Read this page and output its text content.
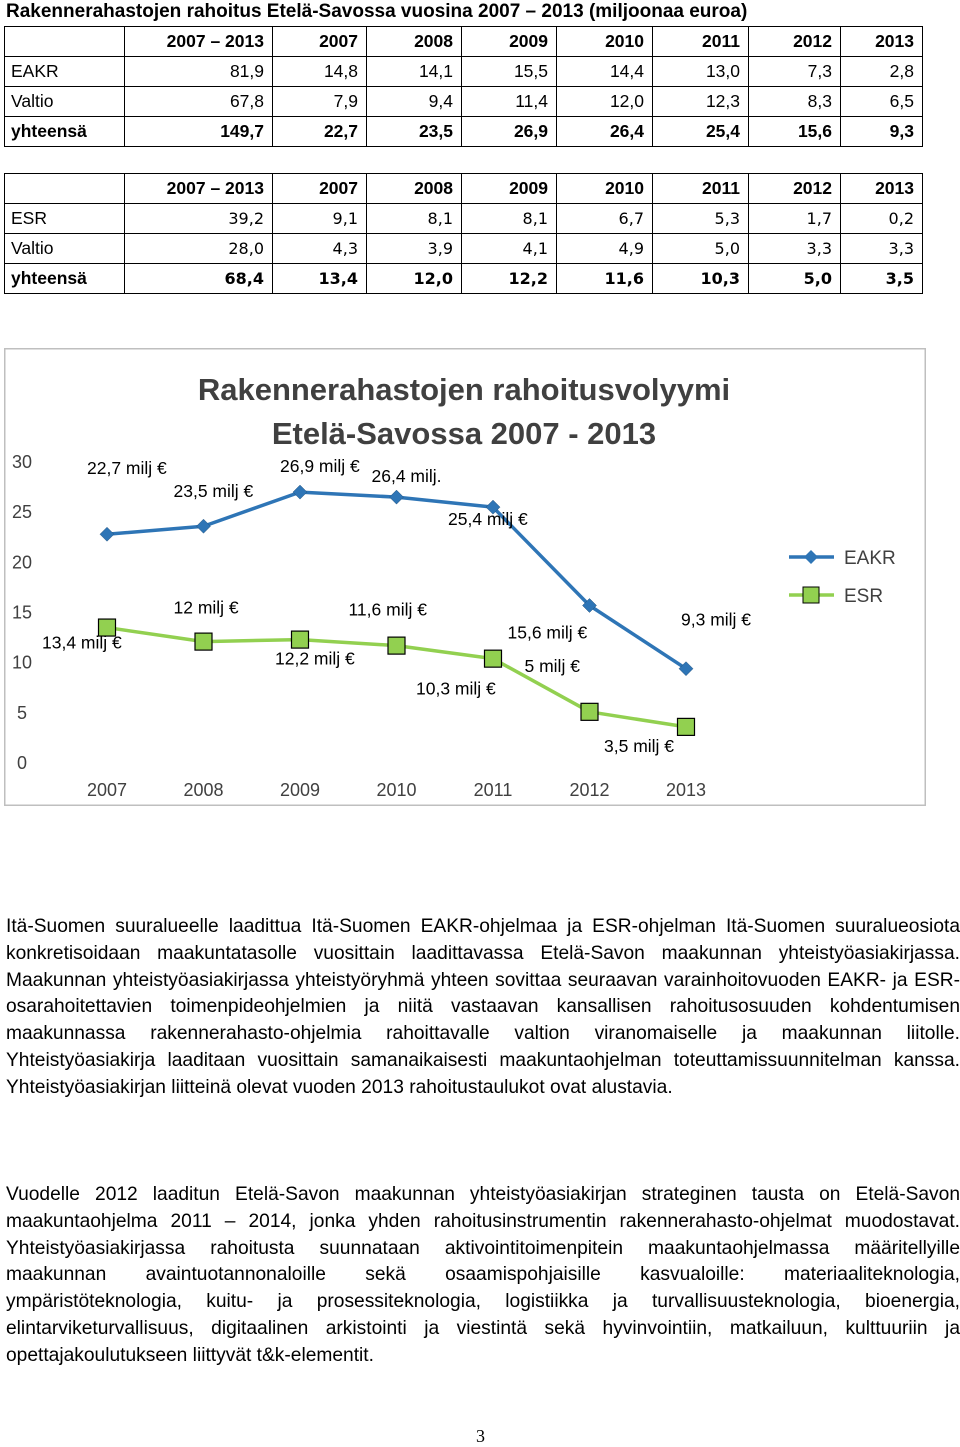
Rakennerahastojen rahoitus Etelä-Savossa vuosina 2007 – 2013 (miljoonaa euroa)
	2007 – 2013	2007	2008	2009	2010	2011	2012	2013
EAKR	81,9	14,8	14,1	15,5	14,4	13,0	7,3	2,8
Valtio	67,8	7,9	9,4	11,4	12,0	12,3	8,3	6,5
yhteensä	149,7	22,7	23,5	26,9	26,4	25,4	15,6	9,3
	2007 – 2013	2007	2008	2009	2010	2011	2012	2013
ESR	39,2	9,1	8,1	8,1	6,7	5,3	1,7	0,2
Valtio	28,0	4,3	3,9	4,1	4,9	5,0	3,3	3,3
yhteensä	68,4	13,4	12,0	12,2	11,6	10,3	5,0	3,5
Rakennerahastojen rahoitusvolyymi
Etelä-Savossa 2007 - 2013
0
5
10
15
20
25
30
2007	2008	2009	2010	2011	2012	2013
22,7 milj €
23,5 milj €
26,9 milj €
26,4 milj.
25,4 milj €
15,6 milj €
9,3 milj €
13,4 milj €
12 milj €
12,2 milj €
11,6 milj €
10,3 milj €
5 milj €
3,5 milj €
EAKR
ESR

Itä-Suomen suuralueelle laadittua Itä-Suomen EAKR-ohjelmaa ja ESR-ohjelman Itä-Suomen suuralueosiota konkretisoidaan maakuntatasolle vuosittain laadittavassa Etelä-Savon maakunnan yhteistyöasiakirjassa. Maakunnan yhteistyöasiakirjassa yhteistyöryhmä yhteen sovittaa seuraavan varainhoitovuoden EAKR- ja ESR-osarahoitettavien toimenpideohjelmien ja niitä vastaavan kansallisen rahoitusosuuden kohdentumisen maakunnassa rakennerahasto-ohjelmia rahoittavalle valtion viranomaiselle ja maakunnan liitolle. Yhteistyöasiakirja laaditaan vuosittain samanaikaisesti maakuntaohjelman toteuttamissuunnitelman kanssa. Yhteistyöasiakirjan liitteinä olevat vuoden 2013 rahoitustaulukot ovat alustavia.

Vuodelle 2012 laaditun Etelä-Savon maakunnan yhteistyöasiakirjan strateginen tausta on Etelä-Savon maakuntaohjelma 2011 – 2014, jonka yhden rahoitusinstrumentin rakennerahasto-ohjelmat muodostavat. Yhteistyöasiakirjassa rahoitusta suunnataan aktivointitoimenpitein maakuntaohjelmassa määritellyille maakunnan avaintuotannonaloille sekä osaamispohjaisille kasvualoille: materiaaliteknologia, ympäristöteknologia, kuitu- ja prosessiteknologia, logistiikka ja turvallisuusteknologia, bioenergia, elintarviketurvallisuus, digitaalinen arkistointi ja viestintä sekä hyvinvointiin, matkailuun, kulttuuriin ja opettajakoulutukseen liittyvät t&k-elementit.

3
